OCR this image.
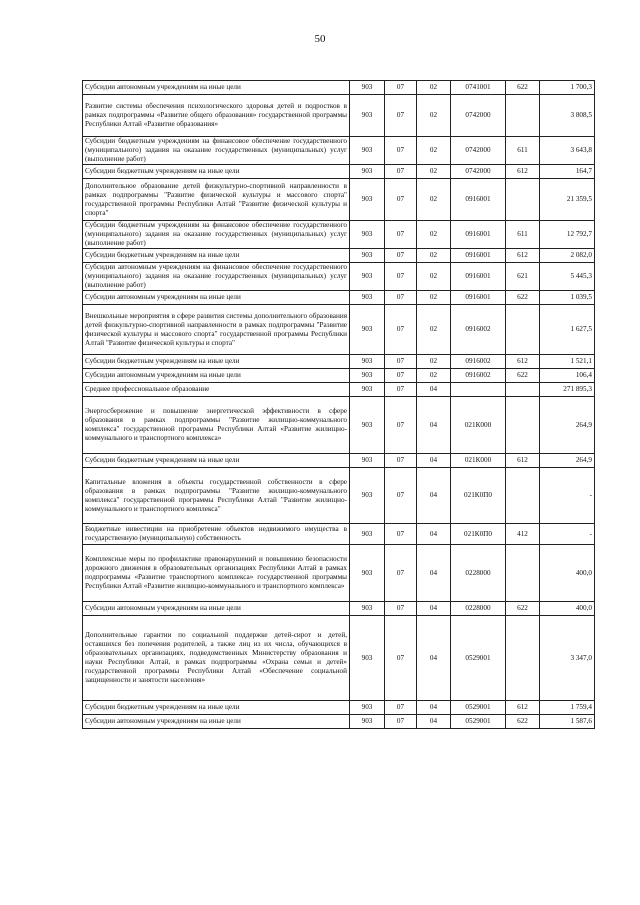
50
Субсидии автономным учреждениям на иные цели	903	07	02	0741001	622	1 700,3
Развитие системы обеспечения психологического здоровья детей и подростков в рамках подпрограммы «Развитие общего образования» государственной программы Республики Алтай «Развитие образования»	903	07	02	0742000		3 808,5
Субсидии бюджетным учреждениям на финансовое обеспечение государственного (муниципального) задания на оказание государственных (муниципальных) услуг (выполнение работ)	903	07	02	0742000	611	3 643,8
Субсидии бюджетным учреждениям на иные цели	903	07	02	0742000	612	164,7
Дополнительное образование детей физкультурно-спортивной направленности в рамках подпрограммы "Развитие физической культуры и массового спорта" государственной программы Республики Алтай "Развитие физической культуры и спорта"	903	07	02	0916001		21 359,5
Субсидии бюджетным учреждениям на финансовое обеспечение государственного (муниципального) задания на оказание государственных (муниципальных) услуг (выполнение работ)	903	07	02	0916001	611	12 792,7
Субсидии бюджетным учреждениям на иные цели	903	07	02	0916001	612	2 082,0
Субсидии автономным учреждениям на финансовое обеспечение государственного (муниципального) задания на оказание государственных (муниципальных) услуг (выполнение работ)	903	07	02	0916001	621	5 445,3
Субсидии автономным учреждениям на иные цели	903	07	02	0916001	622	1 039,5
Внешкольные мероприятия в сфере развития системы дополнительного образования детей физкультурно-спортивной направленности в рамках подпрограммы "Развитие физической культуры и массового спорта" государственной программы Республики Алтай "Развитие физической культуры и спорта"	903	07	02	0916002		1 627,5
Субсидии бюджетным учреждениям на иные цели	903	07	02	0916002	612	1 521,1
Субсидии автономным учреждениям на иные цели	903	07	02	0916002	622	106,4
Среднее профессиональное образование	903	07	04			271 895,3
Энергосбережение и повышение энергетической эффективности в сфере образования в рамках подпрограммы "Развитие жилищно-коммунального комплекса" государственной программы Республики Алтай «Развитие жилищно-коммунального и транспортного комплекса»	903	07	04	021К000		264,9
Субсидии бюджетным учреждениям на иные цели	903	07	04	021К000	612	264,9
Капитальные вложения в объекты государственной собственности в сфере образования в рамках подпрограммы "Развитие жилищно-коммунального комплекса" государственной программы Республики Алтай "Развитие жилищно-коммунального и транспортного комплекса"	903	07	04	021К0П0		-
Бюджетные инвестиции на приобретение объектов недвижимого имущества в государственную (муниципальную) собственность	903	07	04	021К0П0	412	-
Комплексные меры по профилактике правонарушений и повышению безопасности дорожного движения в образовательных организациях Республики Алтай в рамках подпрограммы «Развитие транспортного комплекса» государственной программы Республики Алтай «Развитие жилищно-коммунального и транспортного комплекса»	903	07	04	0228000		400,0
Субсидии автономным учреждениям на иные цели	903	07	04	0228000	622	400,0
Дополнительные гарантии по социальной поддержке детей-сирот и детей, оставшихся без попечения родителей, а также лиц из их числа, обучающихся в образовательных организациях, подведомственных Министерству образования и науки Республики Алтай, в рамках подпрограммы «Охрана семьи и детей» государственной программы Республики Алтай «Обеспечение социальной защищенности и занятости населения»	903	07	04	0529001		3 347,0
Субсидии бюджетным учреждениям на иные цели	903	07	04	0529001	612	1 759,4
Субсидии автономным учреждениям на иные цели	903	07	04	0529001	622	1 587,6
